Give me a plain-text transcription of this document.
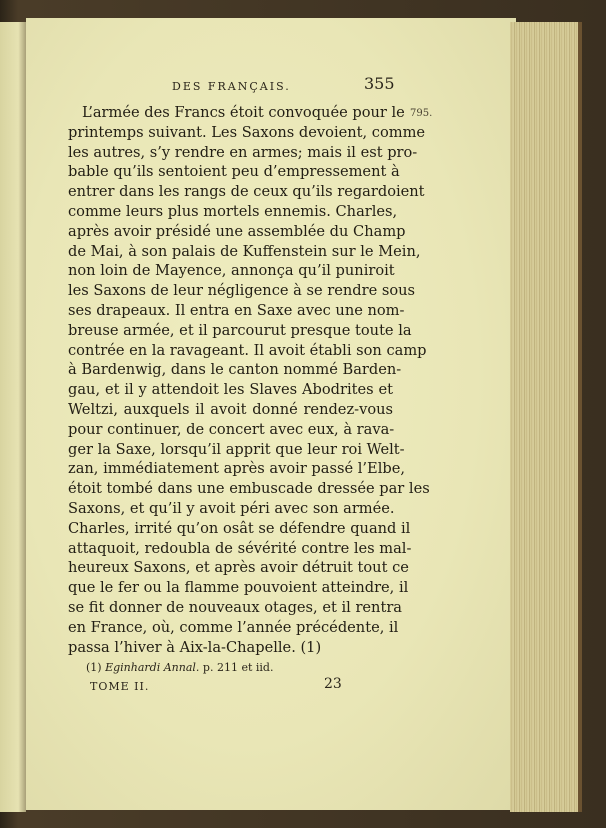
DES FRANÇAIS.	355
795.
L’armée des Francs étoit convoquée pour le
printemps suivant. Les Saxons devoient, comme
les autres, s’y rendre en armes; mais il est pro-
bable qu’ils sentoient peu d’empressement à
entrer dans les rangs de ceux qu’ils regardoient
comme leurs plus mortels ennemis. Charles,
après avoir présidé une assemblée du Champ
de Mai, à son palais de Kuffenstein sur le Mein,
non loin de Mayence, annonça qu’il puniroit
les Saxons de leur négligence à se rendre sous
ses drapeaux. Il entra en Saxe avec une nom-
breuse armée, et il parcourut presque toute la
contrée en la ravageant. Il avoit établi son camp
à Bardenwig, dans le canton nommé Barden-
gau, et il y attendoit les Slaves Abodrites et
Weltzi, auxquels il avoit donné rendez-vous
pour continuer, de concert avec eux, à rava-
ger la Saxe, lorsqu’il apprit que leur roi Welt-
zan, immédiatement après avoir passé l’Elbe,
étoit tombé dans une embuscade dressée par les
Saxons, et qu’il y avoit péri avec son armée.
Charles, irrité qu’on osât se défendre quand il
attaquoit, redoubla de sévérité contre les mal-
heureux Saxons, et après avoir détruit tout ce
que le fer ou la flamme pouvoient atteindre, il
se fit donner de nouveaux otages, et il rentra
en France, où, comme l’année précédente, il
passa l’hiver à Aix-la-Chapelle. (1)
(1) Eginhardi Annal. p. 211 et iid.
TOME II.	23
